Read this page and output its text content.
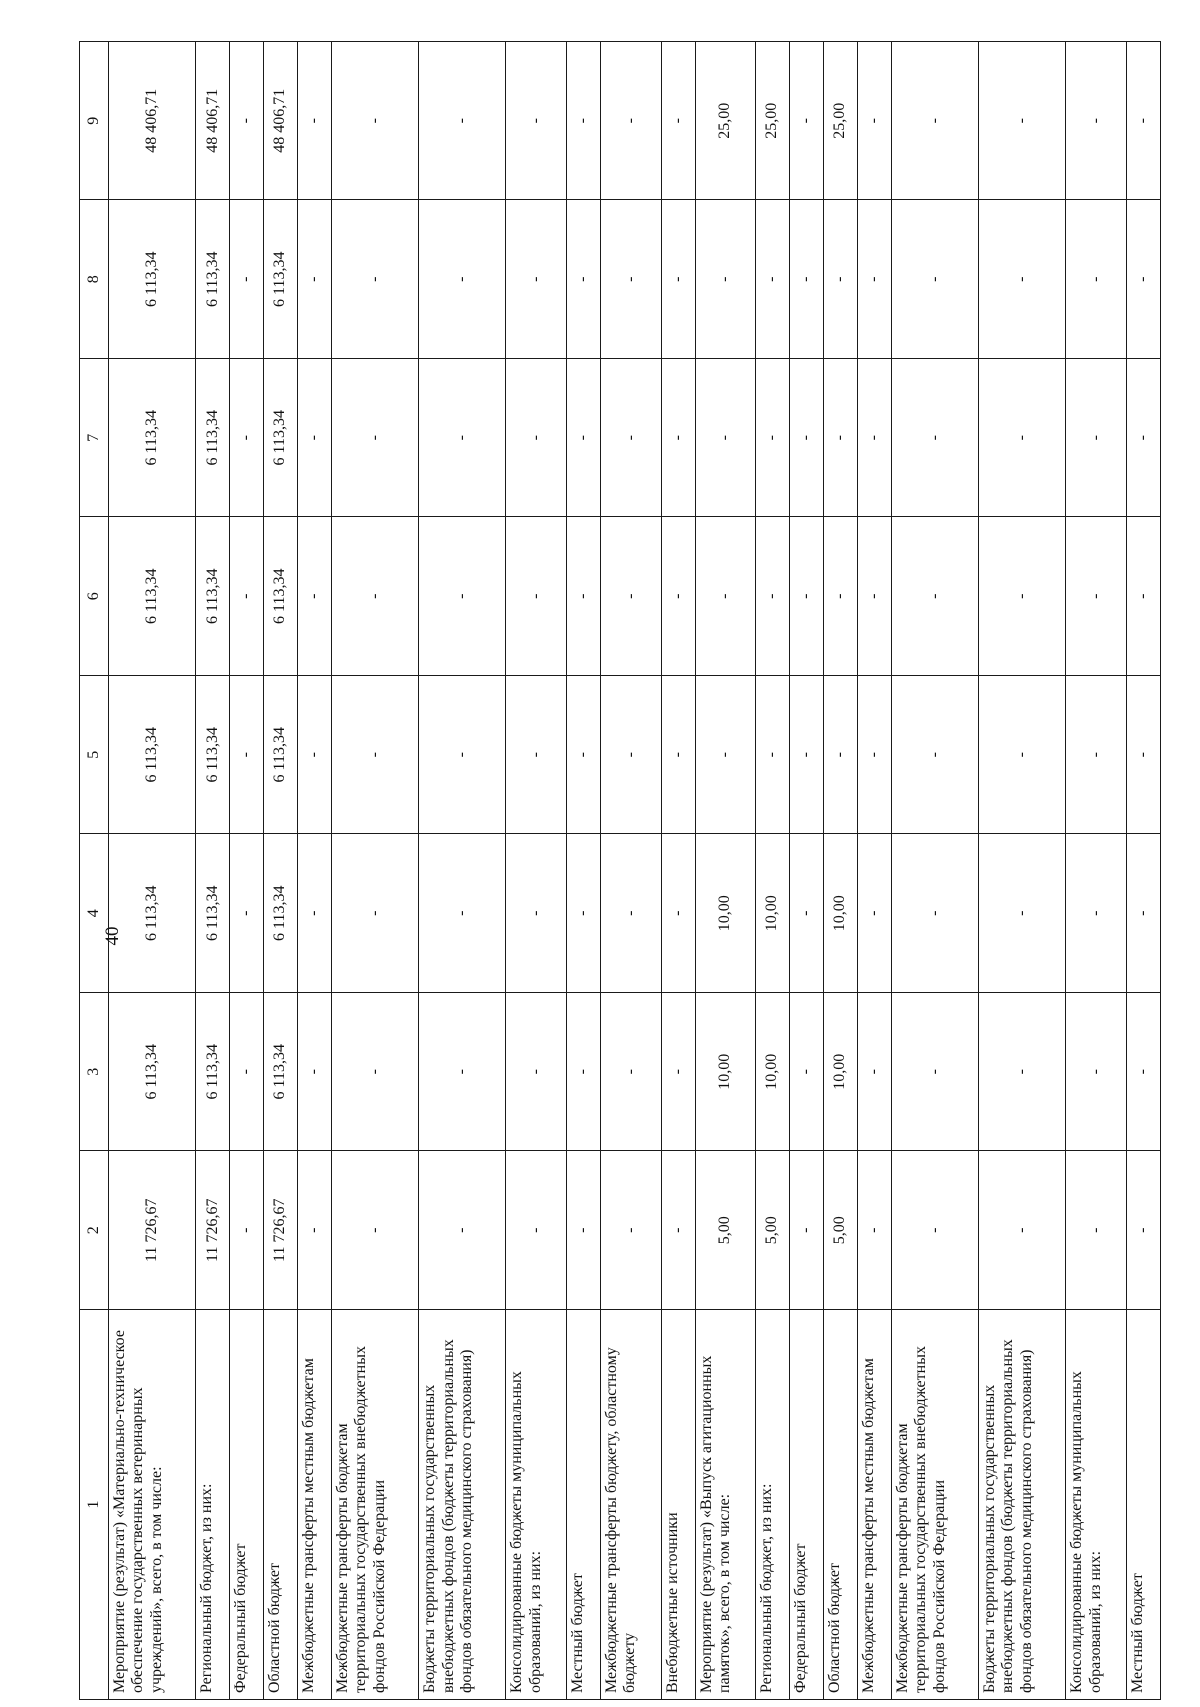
40
1	2	3	4	5	6	7	8	9
Мероприятие (результат) «Материально-техническое обеспечение государственных ветеринарных учреждений», всего, в том числе:	11 726,67	6 113,34	6 113,34	6 113,34	6 113,34	6 113,34	6 113,34	48 406,71
Региональный бюджет, из них:	11 726,67	6 113,34	6 113,34	6 113,34	6 113,34	6 113,34	6 113,34	48 406,71
Федеральный бюджет	-	-	-	-	-	-	-	-
Областной бюджет	11 726,67	6 113,34	6 113,34	6 113,34	6 113,34	6 113,34	6 113,34	48 406,71
Межбюджетные трансферты местным бюджетам	-	-	-	-	-	-	-	-
Межбюджетные трансферты бюджетам территориальных государственных внебюджетных фондов Российской Федерации	-	-	-	-	-	-	-	-
Бюджеты территориальных государственных внебюджетных фондов (бюджеты территориальных фондов обязательного медицинского страхования)	-	-	-	-	-	-	-	-
Консолидированные бюджеты муниципальных образований, из них:	-	-	-	-	-	-	-	-
Местный бюджет	-	-	-	-	-	-	-	-
Межбюджетные трансферты бюджету, областному бюджету	-	-	-	-	-	-	-	-
Внебюджетные источники	-	-	-	-	-	-	-	-
Мероприятие (результат) «Выпуск агитационных памяток», всего, в том числе:	5,00	10,00	10,00	-	-	-	-	25,00
Региональный бюджет, из них:	5,00	10,00	10,00	-	-	-	-	25,00
Федеральный бюджет	-	-	-	-	-	-	-	-
Областной бюджет	5,00	10,00	10,00	-	-	-	-	25,00
Межбюджетные трансферты местным бюджетам	-	-	-	-	-	-	-	-
Межбюджетные трансферты бюджетам территориальных государственных внебюджетных фондов Российской Федерации	-	-	-	-	-	-	-	-
Бюджеты территориальных государственных внебюджетных фондов (бюджеты территориальных фондов обязательного медицинского страхования)	-	-	-	-	-	-	-	-
Консолидированные бюджеты муниципальных образований, из них:	-	-	-	-	-	-	-	-
Местный бюджет	-	-	-	-	-	-	-	-
